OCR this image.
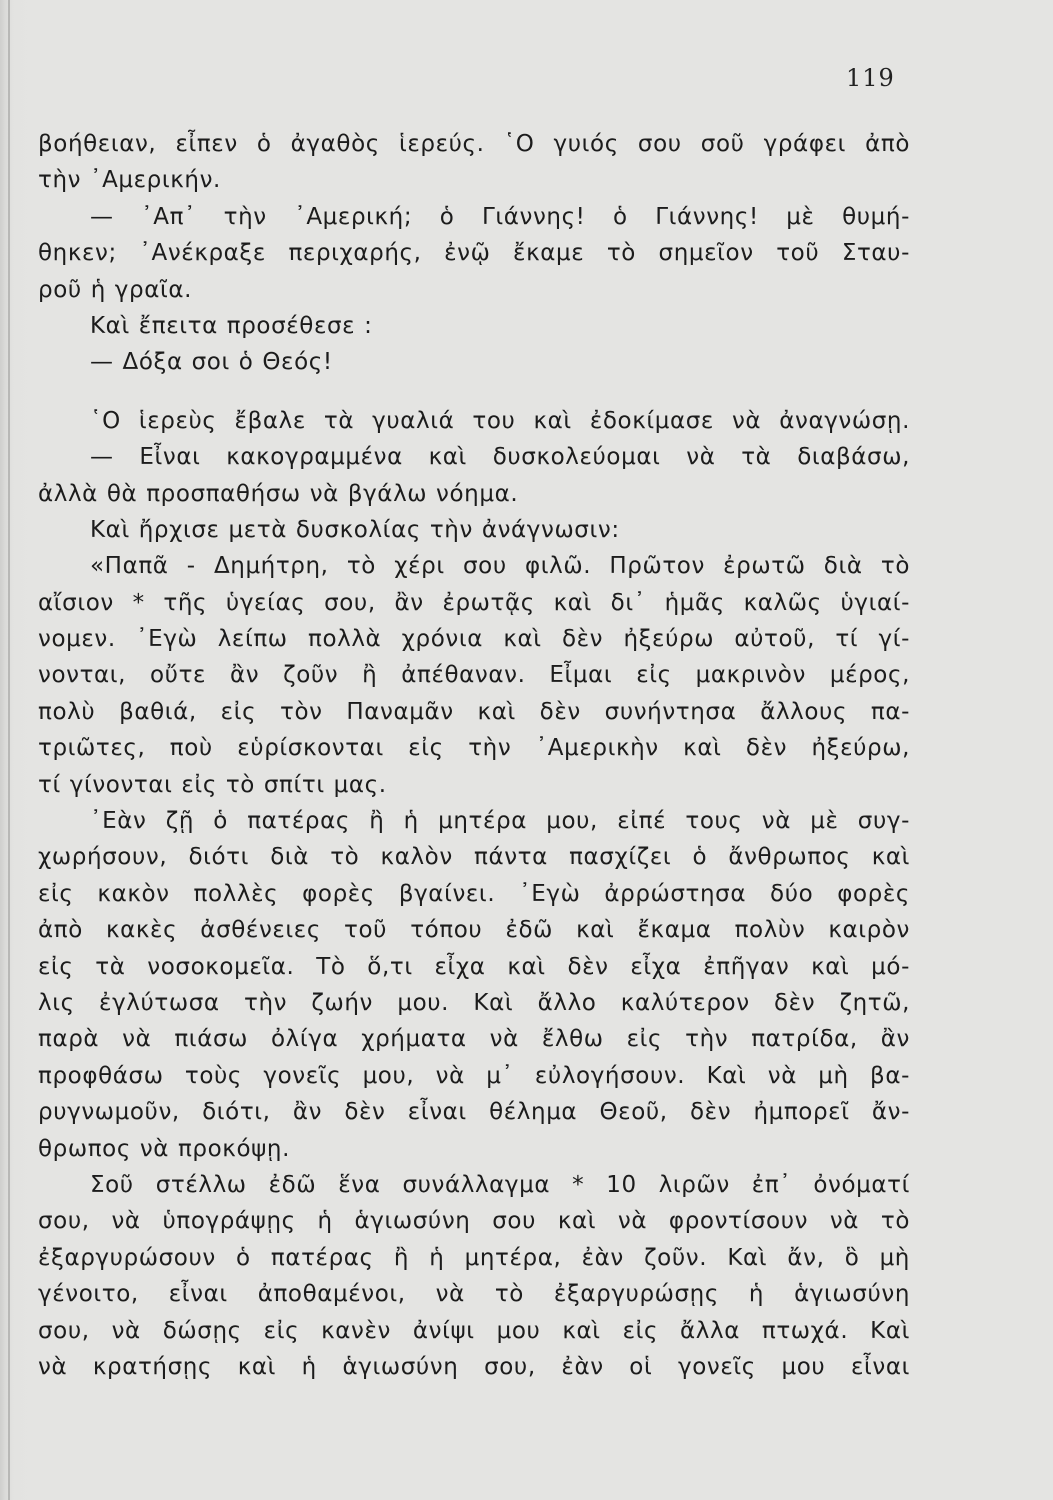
119
βοήθειαν, εἶπεν ὁ ἀγαθὸς ἱερεύς. ῾Ο γυιός σου σοῦ γράφει ἀπὸ
τὴν ᾿Αμερικήν.
— ᾿Απ᾿ τὴν ᾿Αμερική; ὁ Γιάννης! ὁ Γιάννης! μὲ θυμή-
θηκεν; ᾿Ανέκραξε περιχαρής, ἐνῷ ἔκαμε τὸ σημεῖον τοῦ Σταυ-
ροῦ ἡ γραῖα.
Καὶ ἔπειτα προσέθεσε :
— Δόξα σοι ὁ Θεός!
῾Ο ἱερεὺς ἔβαλε τὰ γυαλιά του καὶ ἐδοκίμασε νὰ ἀναγνώσῃ.
— Εἶναι κακογραμμένα καὶ δυσκολεύομαι νὰ τὰ διαβάσω,
ἀλλὰ θὰ προσπαθήσω νὰ βγάλω νόημα.
Καὶ ἤρχισε μετὰ δυσκολίας τὴν ἀνάγνωσιν:
«Παπᾶ - Δημήτρη, τὸ χέρι σου φιλῶ. Πρῶτον ἐρωτῶ διὰ τὸ
αἴσιον * τῆς ὑγείας σου, ἂν ἐρωτᾷς καὶ δι᾿ ἡμᾶς καλῶς ὑγιαί-
νομεν. ᾿Εγὼ λείπω πολλὰ χρόνια καὶ δὲν ἠξεύρω αὐτοῦ, τί γί-
νονται, οὔτε ἂν ζοῦν ἢ ἀπέθαναν. Εἶμαι εἰς μακρινὸν μέρος,
πολὺ βαθιά, εἰς τὸν Παναμᾶν καὶ δὲν συνήντησα ἄλλους πα-
τριῶτες, ποὺ εὑρίσκονται εἰς τὴν ᾿Αμερικὴν καὶ δὲν ἠξεύρω,
τί γίνονται εἰς τὸ σπίτι μας.
᾿Εὰν ζῇ ὁ πατέρας ἢ ἡ μητέρα μου, εἰπέ τους νὰ μὲ συγ-
χωρήσουν, διότι διὰ τὸ καλὸν πάντα πασχίζει ὁ ἄνθρωπος καὶ
εἰς κακὸν πολλὲς φορὲς βγαίνει. ᾿Εγὼ ἀρρώστησα δύο φορὲς
ἀπὸ κακὲς ἀσθένειες τοῦ τόπου ἐδῶ καὶ ἔκαμα πολὺν καιρὸν
εἰς τὰ νοσοκομεῖα. Τὸ ὅ,τι εἶχα καὶ δὲν εἶχα ἐπῆγαν καὶ μό-
λις ἐγλύτωσα τὴν ζωήν μου. Καὶ ἄλλο καλύτερον δὲν ζητῶ,
παρὰ νὰ πιάσω ὀλίγα χρήματα νὰ ἔλθω εἰς τὴν πατρίδα, ἂν
προφθάσω τοὺς γονεῖς μου, νὰ μ᾿ εὐλογήσουν. Καὶ νὰ μὴ βα-
ρυγνωμοῦν, διότι, ἂν δὲν εἶναι θέλημα Θεοῦ, δὲν ἠμπορεῖ ἄν-
θρωπος νὰ προκόψῃ.
Σοῦ στέλλω ἐδῶ ἕνα συνάλλαγμα * 10 λιρῶν ἐπ᾿ ὀνόματί
σου, νὰ ὑπογράψῃς ἡ ἁγιωσύνη σου καὶ νὰ φροντίσουν νὰ τὸ
ἐξαργυρώσουν ὁ πατέρας ἢ ἡ μητέρα, ἐὰν ζοῦν. Καὶ ἄν, ὃ μὴ
γένοιτο, εἶναι ἀποθαμένοι, νὰ τὸ ἐξαργυρώσῃς ἡ ἁγιωσύνη
σου, νὰ δώσῃς εἰς κανὲν ἀνίψι μου καὶ εἰς ἄλλα πτωχά. Καὶ
νὰ κρατήσῃς καὶ ἡ ἁγιωσύνη σου, ἐὰν οἱ γονεῖς μου εἶναι
